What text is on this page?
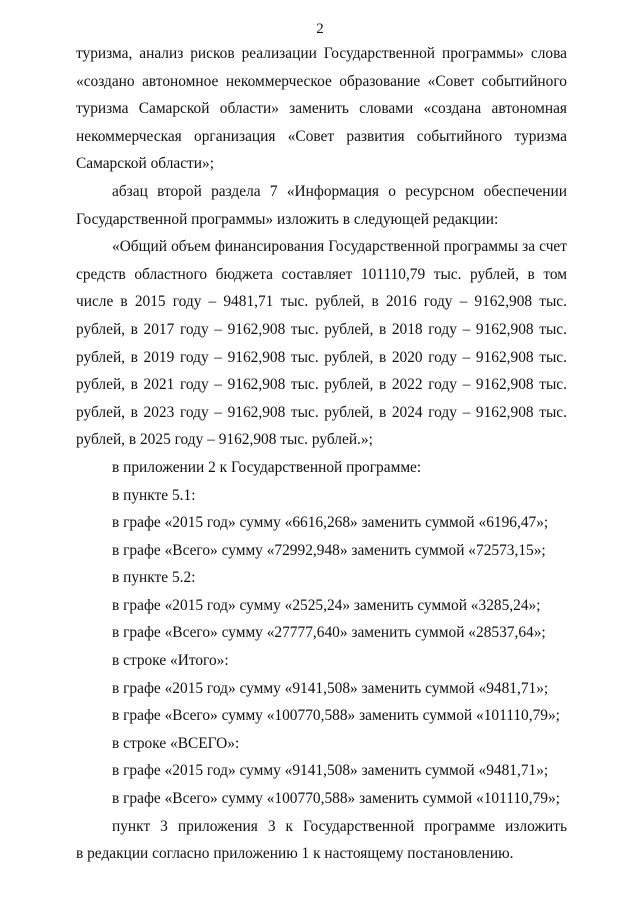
2
туризма, анализ рисков реализации Государственной программы» слова
«создано автономное некоммерческое образование «Совет событийного
туризма Самарской области» заменить словами «создана автономная
некоммерческая организация «Совет развития событийного туризма
Самарской области»;
абзац второй раздела 7 «Информация о ресурсном обеспечении
Государственной программы» изложить в следующей редакции:
«Общий объем финансирования Государственной программы за счет
средств областного бюджета составляет 101110,79 тыс. рублей, в том
числе в 2015 году – 9481,71 тыс. рублей, в 2016 году – 9162,908 тыс.
рублей, в 2017 году – 9162,908 тыс. рублей, в 2018 году – 9162,908 тыс.
рублей, в 2019 году – 9162,908 тыс. рублей, в 2020 году – 9162,908 тыс.
рублей, в 2021 году – 9162,908 тыс. рублей, в 2022 году – 9162,908 тыс.
рублей, в 2023 году – 9162,908 тыс. рублей, в 2024 году – 9162,908 тыс.
рублей, в 2025 году – 9162,908 тыс. рублей.»;
в приложении 2 к Государственной программе:
в пункте 5.1:
в графе «2015 год» сумму «6616,268» заменить суммой «6196,47»;
в графе «Всего» сумму «72992,948» заменить суммой «72573,15»;
в пункте 5.2:
в графе «2015 год» сумму «2525,24» заменить суммой «3285,24»;
в графе «Всего» сумму «27777,640» заменить суммой «28537,64»;
в строке «Итого»:
в графе «2015 год» сумму «9141,508» заменить суммой «9481,71»;
в графе «Всего» сумму «100770,588» заменить суммой «101110,79»;
в строке «ВСЕГО»:
в графе «2015 год» сумму «9141,508» заменить суммой «9481,71»;
в графе «Всего» сумму «100770,588» заменить суммой «101110,79»;
пункт 3 приложения 3 к Государственной программе изложить
в редакции согласно приложению 1 к настоящему постановлению.
